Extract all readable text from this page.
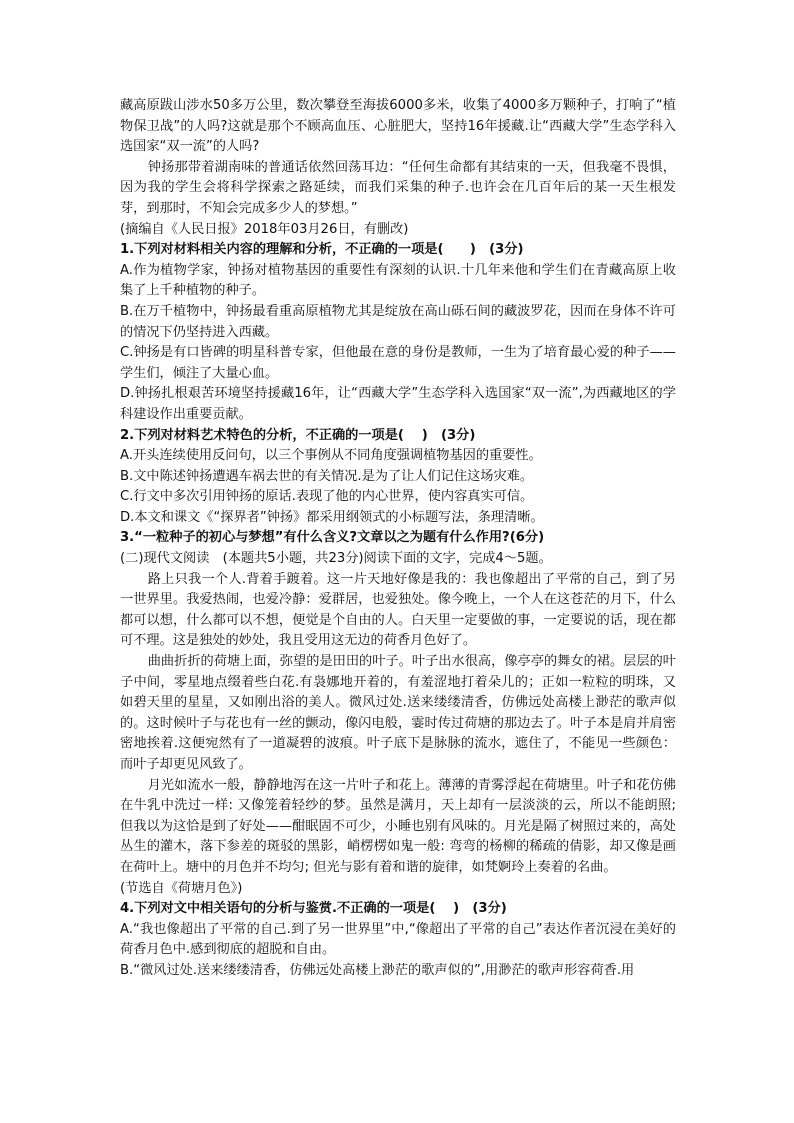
藏高原跋山涉水50多万公里，数次攀登至海拔6000多米，收集了4000多万颗种子，打响了“植物保卫战”的人吗?这就是那个不顾高血压、心脏肥大，坚持16年援藏.让“西藏大学”生态学科入选国家“双一流”的人吗?

钟扬那带着湖南味的普通话依然回荡耳边：“任何生命都有其结束的一天，但我毫不畏惧，因为我的学生会将科学探索之路延续，而我们采集的种子.也许会在几百年后的某一天生根发芽，到那时，不知会完成多少人的梦想。”

(摘编自《人民日报》2018年03月26日，有删改)

1.下列对材料相关内容的理解和分析，不正确的一项是(　　)　(3分)

A.作为植物学家，钟扬对植物基因的重要性有深刻的认识.十几年来他和学生们在青藏高原上收集了上千种植物的种子。

B.在万千植物中，钟扬最看重高原植物尤其是绽放在高山砾石间的藏波罗花，因而在身体不许可的情况下仍坚持进入西藏。

C.钟扬是有口皆碑的明星科普专家，但他最在意的身份是教师，一生为了培育最心爱的种子——学生们，倾注了大量心血。

D.钟扬扎根艰苦环境坚持援藏16年，让“西藏大学”生态学科入选国家“双一流”,为西藏地区的学科建设作出重要贡献。

2.下列对材料艺术特色的分析，不正确的一项是(　 )　(3分)

A.开头连续使用反问句，以三个事例从不同角度强调植物基因的重要性。

B.文中陈述钟扬遭遇车祸去世的有关情况.是为了让人们记住这场灾难。

C.行文中多次引用钟扬的原话.表现了他的内心世界，使内容真实可信。

D.本文和课文《“探界者”钟扬》都采用纲领式的小标题写法，条理清晰。

3.“一粒种子的初心与梦想”有什么含义?文章以之为题有什么作用?(6分)

(二)现代文阅读　(本题共5小题，共23分)阅读下面的文字，完成4～5题。

路上只我一个人.背着手踱着。这一片天地好像是我的：我也像超出了平常的自己，到了另一世界里。我爱热闹，也爱冷静：爱群居，也爱独处。像今晚上，一个人在这苍茫的月下，什么都可以想，什么都可以不想，便觉是个自由的人。白天里一定要做的事，一定要说的话，现在都可不理。这是独处的妙处，我且受用这无边的荷香月色好了。

曲曲折折的荷塘上面，弥望的是田田的叶子。叶子出水很高，像亭亭的舞女的裙。层层的叶子中间，零星地点缀着些白花.有袅娜地开着的，有羞涩地打着朵儿的；正如一粒粒的明珠，又如碧天里的星星，又如刚出浴的美人。微风过处.送来缕缕清香，仿佛远处高楼上渺茫的歌声似的。这时候叶子与花也有一丝的颤动，像闪电般，霎时传过荷塘的那边去了。叶子本是肩并肩密密地挨着.这便宛然有了一道凝碧的波痕。叶子底下是脉脉的流水，遮住了，不能见一些颜色：而叶子却更见风致了。

月光如流水一般，静静地泻在这一片叶子和花上。薄薄的青雾浮起在荷塘里。叶子和花仿佛在牛乳中洗过一样: 又像笼着轻纱的梦。虽然是满月，天上却有一层淡淡的云，所以不能朗照; 但我以为这恰是到了好处——酣眠固不可少，小睡也别有风味的。月光是隔了树照过来的，高处丛生的灌木，落下参差的斑驳的黑影，峭楞楞如鬼一般: 弯弯的杨柳的稀疏的倩影，却又像是画在荷叶上。塘中的月色并不均匀; 但光与影有着和谐的旋律，如梵婀玲上奏着的名曲。

(节选自《荷塘月色》)

4.下列对文中相关语句的分析与鉴赏.不正确的一项是(　 )　(3分)

A.“我也像超出了平常的自己.到了另一世界里”中,“像超出了平常的自己”表达作者沉浸在美好的荷香月色中.感到彻底的超脱和自由。

B.“微风过处.送来缕缕清香，仿佛远处高楼上渺茫的歌声似的”,用渺茫的歌声形容荷香.用
